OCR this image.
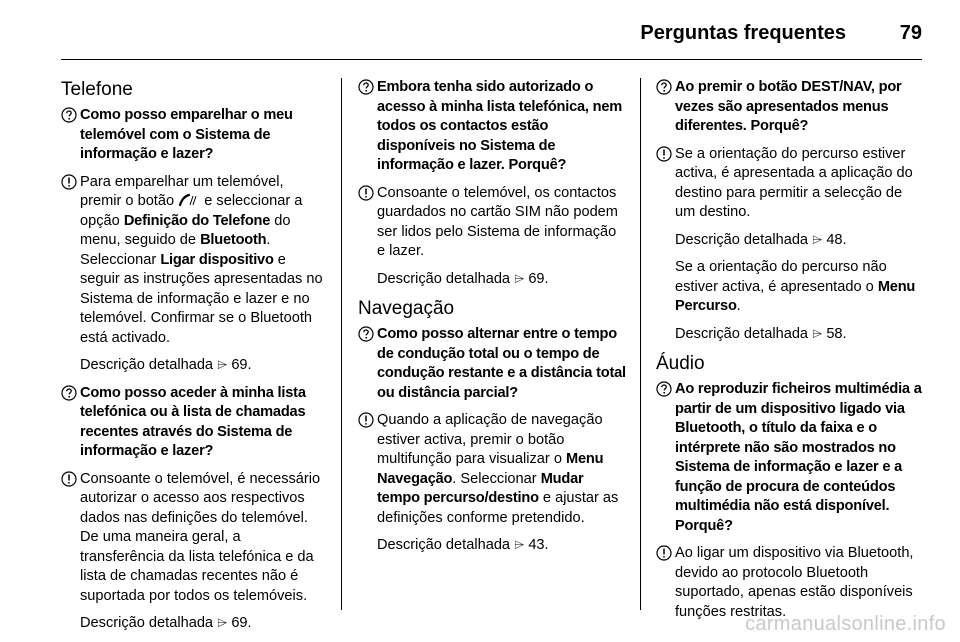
Perguntas frequentes	79
Telefone
Como posso emparelhar o meu telemóvel com o Sistema de informação e lazer?
Para emparelhar um telemóvel, premir o botão e seleccionar a opção Definição do Telefone do menu, seguido de Bluetooth. Seleccionar Ligar dispositivo e seguir as instruções apresentadas no Sistema de informação e lazer e no telemóvel. Confirmar se o Bluetooth está activado.
Descrição detalhada ⌲ 69.
Como posso aceder à minha lista telefónica ou à lista de chamadas recentes através do Sistema de informação e lazer?
Consoante o telemóvel, é necessário autorizar o acesso aos respectivos dados nas definições do telemóvel. De uma maneira geral, a transferência da lista telefónica e da lista de chamadas recentes não é suportada por todos os telemóveis.
Descrição detalhada ⌲ 69.
Embora tenha sido autorizado o acesso à minha lista telefónica, nem todos os contactos estão disponíveis no Sistema de informação e lazer. Porquê?
Consoante o telemóvel, os contactos guardados no cartão SIM não podem ser lidos pelo Sistema de informação e lazer.
Descrição detalhada ⌲ 69.
Navegação
Como posso alternar entre o tempo de condução total ou o tempo de condução restante e a distância total ou distância parcial?
Quando a aplicação de navegação estiver activa, premir o botão multifunção para visualizar o Menu Navegação. Seleccionar Mudar tempo percurso/destino e ajustar as definições conforme pretendido.
Descrição detalhada ⌲ 43.
Ao premir o botão DEST/NAV, por vezes são apresentados menus diferentes. Porquê?
Se a orientação do percurso estiver activa, é apresentada a aplicação do destino para permitir a selecção de um destino.
Descrição detalhada ⌲ 48.
Se a orientação do percurso não estiver activa, é apresentado o Menu Percurso.
Descrição detalhada ⌲ 58.
Áudio
Ao reproduzir ficheiros multimédia a partir de um dispositivo ligado via Bluetooth, o título da faixa e o intérprete não são mostrados no Sistema de informação e lazer e a função de procura de conteúdos multimédia não está disponível. Porquê?
Ao ligar um dispositivo via Bluetooth, devido ao protocolo Bluetooth suportado, apenas estão disponíveis funções restritas.
carmanualsonline.info
